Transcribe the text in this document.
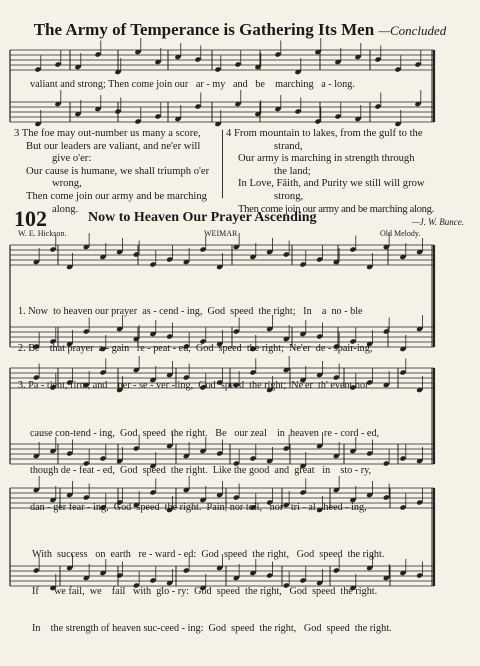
The Army of Temperance is Gathering Its Men —Concluded
valiant and strong; Then come join our   ar - my   and   be    marching   a - long.
3 The foe may out-number us many a score,
But our leaders are valiant, and ne'er will
give o'er:
Our cause is humane, we shall triumph o'er
wrong,
Then come join our army and be marching
along.
4 From mountain to lakes, from the gulf to the
strand,
Our army is marching in strength through
the land;
In Love, Fāith, and Purity we still will grow
strong,
Then come join our army and be marching along.
—J. W. Bunce.
102	Now to Heaven Our Prayer Ascending
W. E. Hickson.	WEIMAR	Old Melody.

1. Now  to heaven our prayer  as - cend - ing,  God  speed  the right;   In    a  no - ble

2. Be    that prayer  a - gain   re - peat - ed,  God  speed  the right;  Ne'er  de - spair-ing,

3. Pa - tient, firm, and    per - se - ver - ing,  God  speed  the right;  Ne'er  th' event nor

cause con-tend - ing,  God  speed  the right.   Be   our zeal    in  heaven  re - cord - ed,

though de - feat - ed,  God  speed  the right.  Like the good  and  great   in    sto - ry,

dan - ger fear - ing,  God  speed  the right.  Pain, nor toil,   nor   tri - al   heed - ing,

With  success   on  earth   re - ward - ed:  God  speed  the right,   God  speed  the right.

If      we fail,  we    fail   with  glo - ry:  God  speed  the right,   God  speed  the right.

In    the strength of heaven suc-ceed - ing:  God  speed  the right,   God  speed  the right.
